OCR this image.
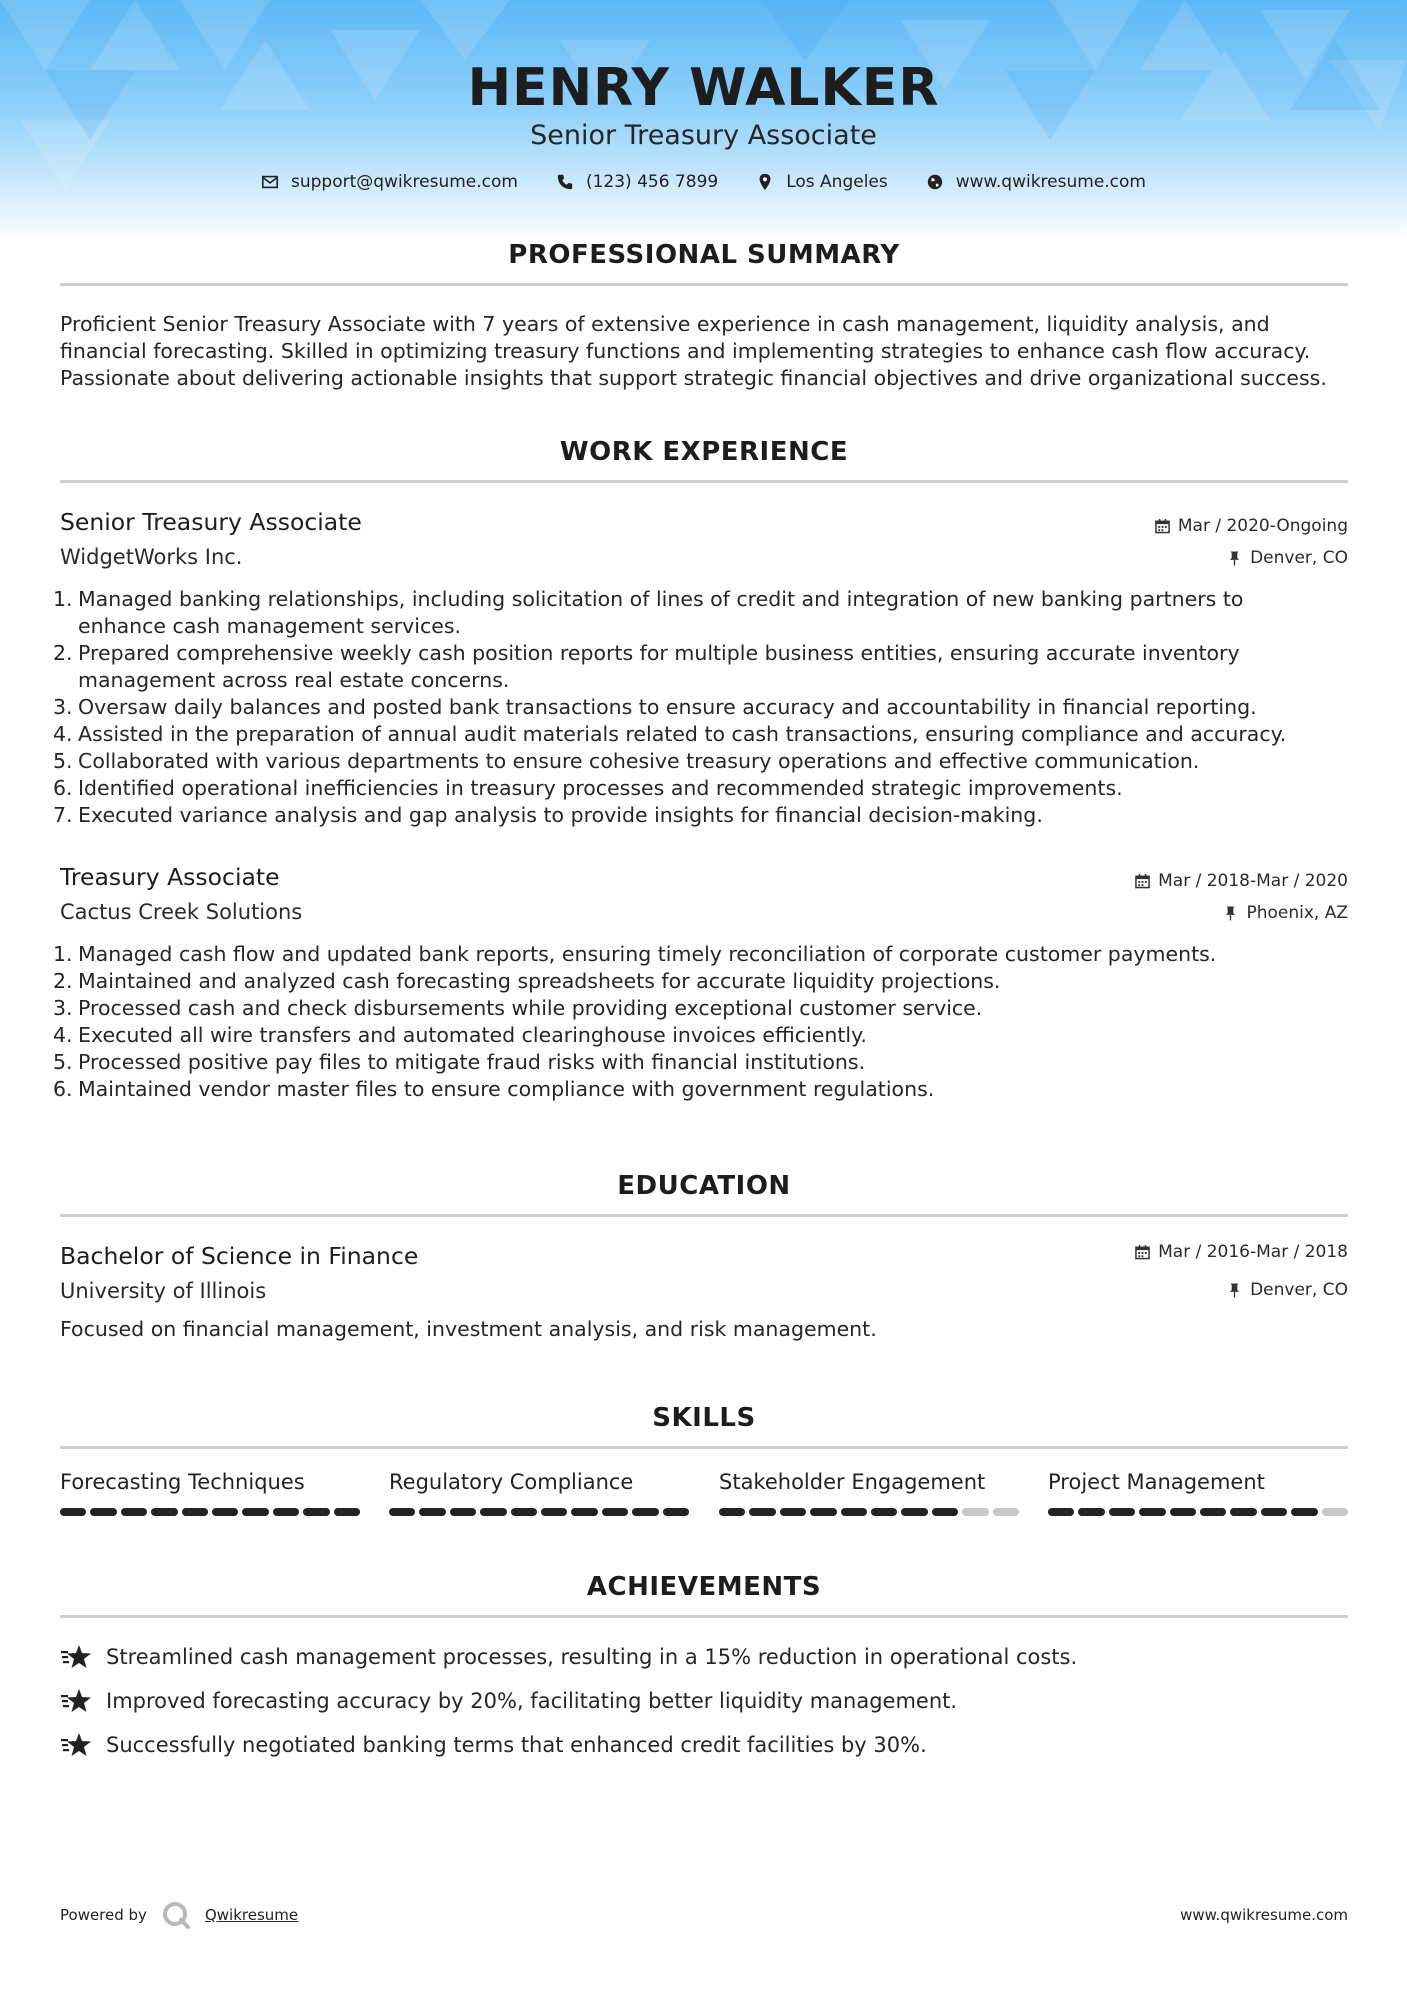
HENRY WALKER
Senior Treasury Associate
support@qwikresume.com	(123) 456 7899	Los Angeles	www.qwikresume.com
PROFESSIONAL SUMMARY
Proficient Senior Treasury Associate with 7 years of extensive experience in cash management, liquidity analysis, and financial forecasting. Skilled in optimizing treasury functions and implementing strategies to enhance cash flow accuracy. Passionate about delivering actionable insights that support strategic financial objectives and drive organizational success.
WORK EXPERIENCE
Senior Treasury Associate	Mar / 2020-Ongoing
WidgetWorks Inc.	Denver, CO
1. Managed banking relationships, including solicitation of lines of credit and integration of new banking partners to enhance cash management services.
2. Prepared comprehensive weekly cash position reports for multiple business entities, ensuring accurate inventory management across real estate concerns.
3. Oversaw daily balances and posted bank transactions to ensure accuracy and accountability in financial reporting.
4. Assisted in the preparation of annual audit materials related to cash transactions, ensuring compliance and accuracy.
5. Collaborated with various departments to ensure cohesive treasury operations and effective communication.
6. Identified operational inefficiencies in treasury processes and recommended strategic improvements.
7. Executed variance analysis and gap analysis to provide insights for financial decision-making.
Treasury Associate	Mar / 2018-Mar / 2020
Cactus Creek Solutions	Phoenix, AZ
1. Managed cash flow and updated bank reports, ensuring timely reconciliation of corporate customer payments.
2. Maintained and analyzed cash forecasting spreadsheets for accurate liquidity projections.
3. Processed cash and check disbursements while providing exceptional customer service.
4. Executed all wire transfers and automated clearinghouse invoices efficiently.
5. Processed positive pay files to mitigate fraud risks with financial institutions.
6. Maintained vendor master files to ensure compliance with government regulations.
EDUCATION
Bachelor of Science in Finance	Mar / 2016-Mar / 2018
University of Illinois	Denver, CO
Focused on financial management, investment analysis, and risk management.
SKILLS
Forecasting Techniques	Regulatory Compliance	Stakeholder Engagement	Project Management
ACHIEVEMENTS
Streamlined cash management processes, resulting in a 15% reduction in operational costs.
Improved forecasting accuracy by 20%, facilitating better liquidity management.
Successfully negotiated banking terms that enhanced credit facilities by 30%.
Powered by	Qwikresume	www.qwikresume.com
